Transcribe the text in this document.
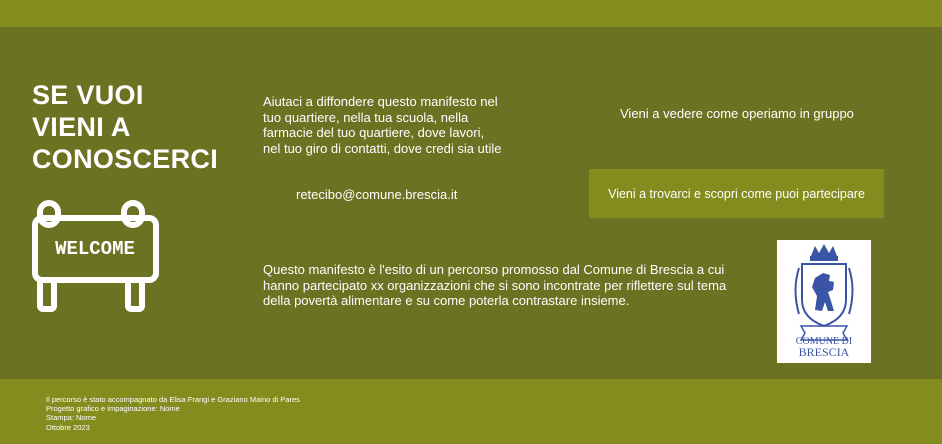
SE VUOI
VIENI A
CONOSCERCI
WELCOME
Aiutaci a diffondere questo manifesto nel tuo quartiere, nella tua scuola, nella farmacie del tuo quartiere, dove lavori, nel tuo giro di contatti, dove credi sia utile
retecibo@comune.brescia.it
Vieni a vedere come operiamo in gruppo
Vieni a trovarci e scopri come puoi partecipare
Questo manifesto è l'esito di un percorso promosso dal Comune di Brescia a cui hanno partecipato xx organizzazioni che si sono incontrate per riflettere sul tema della povertà alimentare e su come poterla contrastare insieme.
COMUNE DI
BRESCIA
Il percorso è stato accompagnato da Elisa Frangi e Graziano Maino di Pares
Progetto grafico e impaginazione: Nome
Stampa: Nome
Ottobre 2023
